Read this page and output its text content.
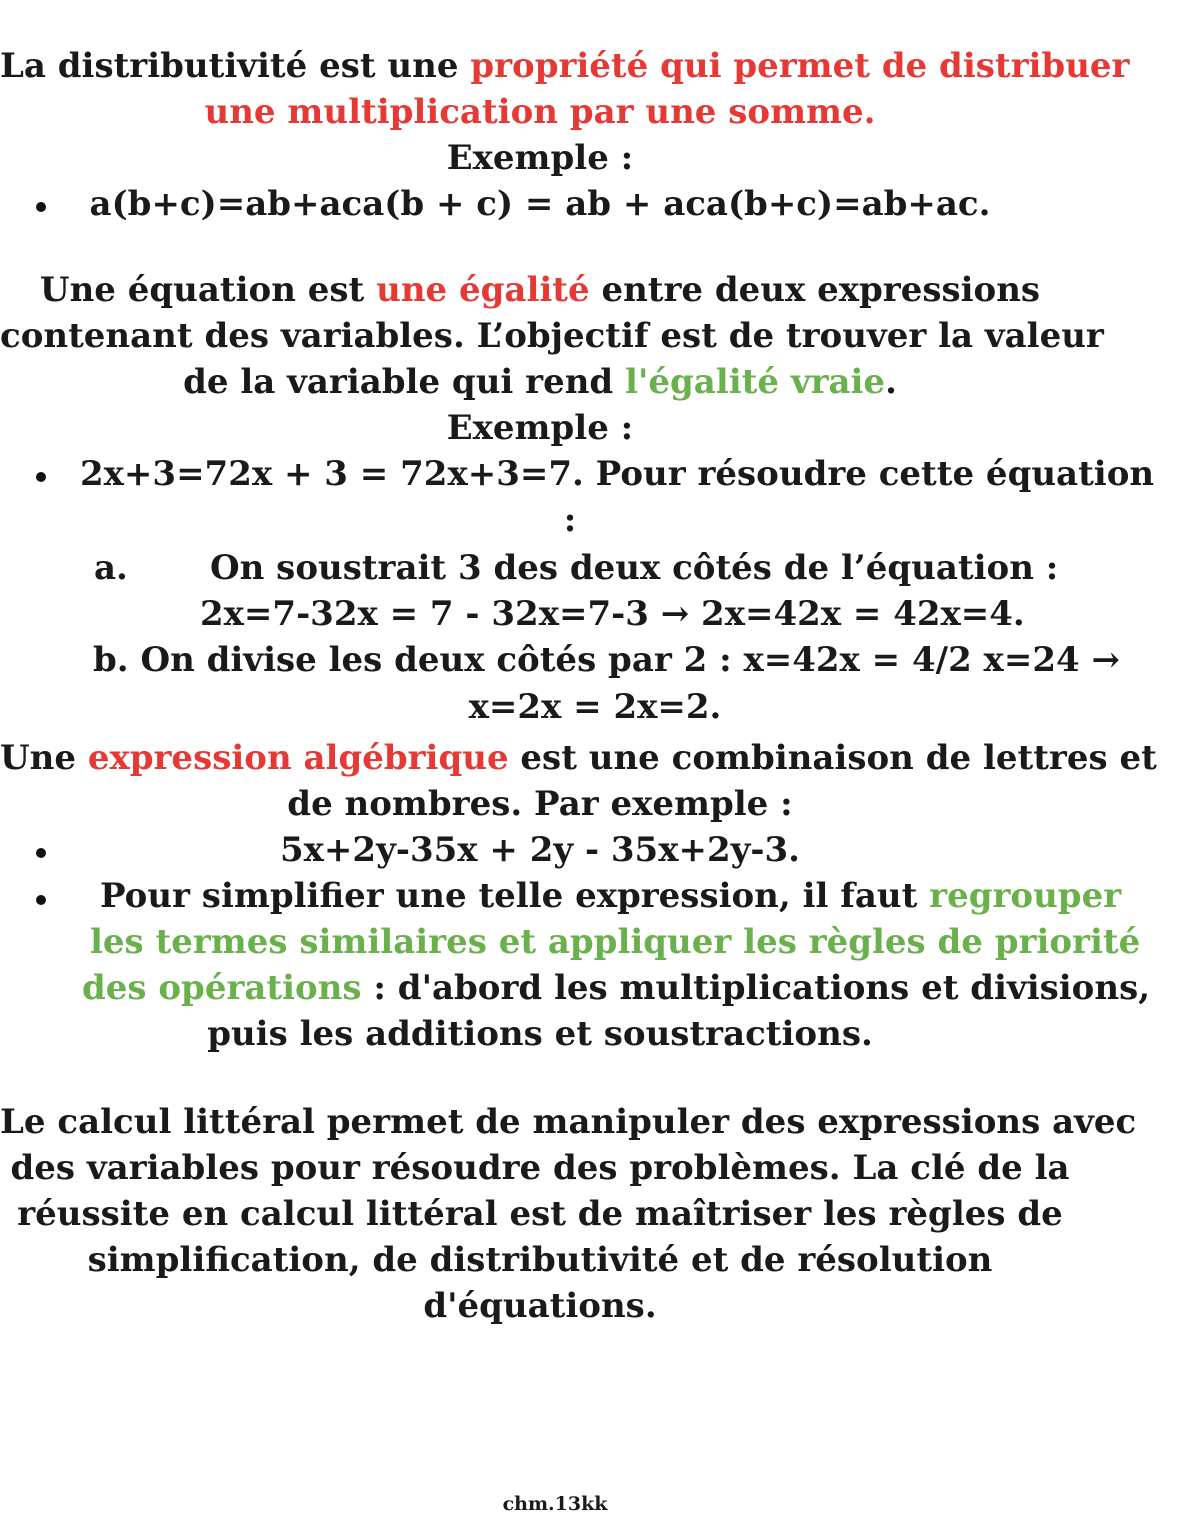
La distributivité est une propriété qui permet de distribuer
une multiplication par une somme.
Exemple :
a(b+c)=ab+aca(b + c) = ab + aca(b+c)=ab+ac.
Une équation est une égalité entre deux expressions
contenant des variables. L’objectif est de trouver la valeur
de la variable qui rend l'égalité vraie.
Exemple :
2x+3=72x + 3 = 72x+3=7. Pour résoudre cette équation
:
a. On soustrait 3 des deux côtés de l’équation :
2x=7-32x = 7 - 32x=7-3 → 2x=42x = 42x=4.
b. On divise les deux côtés par 2 : x=42x = 4/2 x=24 →
x=2x = 2x=2.
Une expression algébrique est une combinaison de lettres et
de nombres. Par exemple :
5x+2y-35x + 2y - 35x+2y-3.
Pour simplifier une telle expression, il faut regrouper
les termes similaires et appliquer les règles de priorité
des opérations : d'abord les multiplications et divisions,
puis les additions et soustractions.
Le calcul littéral permet de manipuler des expressions avec
des variables pour résoudre des problèmes. La clé de la
réussite en calcul littéral est de maîtriser les règles de
simplification, de distributivité et de résolution
d'équations.
chm.13kk
